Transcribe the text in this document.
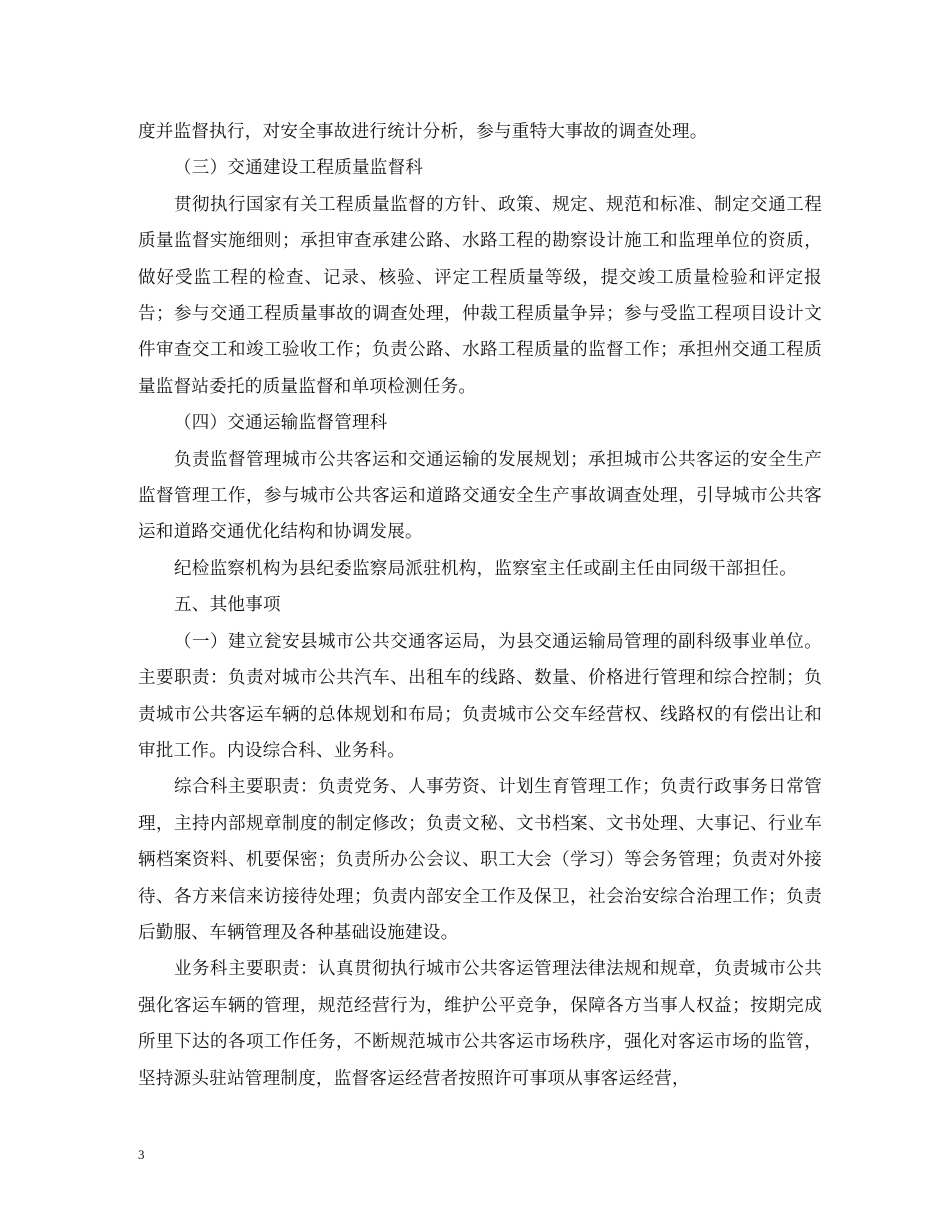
度并监督执行，对安全事故进行统计分析，参与重特大事故的调查处理。

（三）交通建设工程质量监督科

贯彻执行国家有关工程质量监督的方针、政策、规定、规范和标准、制定交通工程质量监督实施细则；承担审查承建公路、水路工程的勘察设计施工和监理单位的资质，做好受监工程的检查、记录、核验、评定工程质量等级，提交竣工质量检验和评定报告；参与交通工程质量事故的调查处理，仲裁工程质量争异；参与受监工程项目设计文件审查交工和竣工验收工作；负责公路、水路工程质量的监督工作；承担州交通工程质量监督站委托的质量监督和单项检测任务。

（四）交通运输监督管理科

负责监督管理城市公共客运和交通运输的发展规划；承担城市公共客运的安全生产监督管理工作，参与城市公共客运和道路交通安全生产事故调查处理，引导城市公共客运和道路交通优化结构和协调发展。

纪检监察机构为县纪委监察局派驻机构，监察室主任或副主任由同级干部担任。

五、其他事项

（一）建立瓮安县城市公共交通客运局，为县交通运输局管理的副科级事业单位。主要职责：负责对城市公共汽车、出租车的线路、数量、价格进行管理和综合控制；负责城市公共客运车辆的总体规划和布局；负责城市公交车经营权、线路权的有偿出让和审批工作。内设综合科、业务科。

综合科主要职责：负责党务、人事劳资、计划生育管理工作；负责行政事务日常管理，主持内部规章制度的制定修改；负责文秘、文书档案、文书处理、大事记、行业车辆档案资料、机要保密；负责所办公会议、职工大会（学习）等会务管理；负责对外接待、各方来信来访接待处理；负责内部安全工作及保卫，社会治安综合治理工作；负责后勤服、车辆管理及各种基础设施建设。

业务科主要职责：认真贯彻执行城市公共客运管理法律法规和规章，负责城市公共强化客运车辆的管理，规范经营行为，维护公平竞争，保障各方当事人权益；按期完成所里下达的各项工作任务，不断规范城市公共客运市场秩序，强化对客运市场的监管，坚持源头驻站管理制度，监督客运经营者按照许可事项从事客运经营，

3
